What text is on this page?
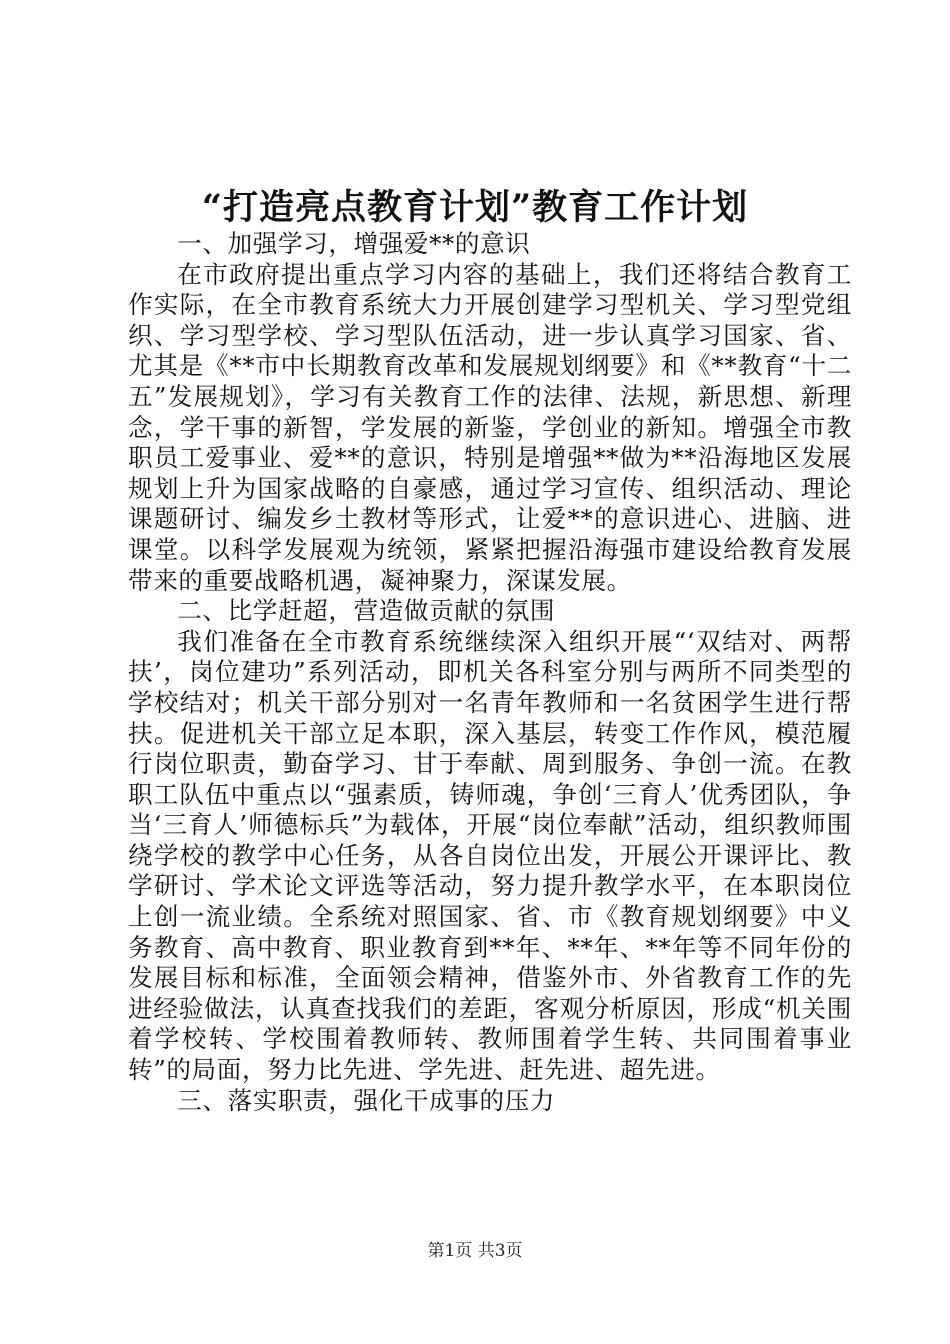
“打造亮点教育计划”教育工作计划

一、加强学习，增强爱**的意识

在市政府提出重点学习内容的基础上，我们还将结合教育工作实际，在全市教育系统大力开展创建学习型机关、学习型党组织、学习型学校、学习型队伍活动，进一步认真学习国家、省、尤其是《**市中长期教育改革和发展规划纲要》和《**教育“十二五”发展规划》，学习有关教育工作的法律、法规，新思想、新理念，学干事的新智，学发展的新鉴，学创业的新知。增强全市教职员工爱事业、爱**的意识，特别是增强**做为**沿海地区发展规划上升为国家战略的自豪感，通过学习宣传、组织活动、理论课题研讨、编发乡土教材等形式，让爱**的意识进心、进脑、进课堂。以科学发展观为统领，紧紧把握沿海强市建设给教育发展带来的重要战略机遇，凝神聚力，深谋发展。

二、比学赶超，营造做贡献的氛围

我们准备在全市教育系统继续深入组织开展“‘双结对、两帮扶’，岗位建功”系列活动，即机关各科室分别与两所不同类型的学校结对；机关干部分别对一名青年教师和一名贫困学生进行帮扶。促进机关干部立足本职，深入基层，转变工作作风，模范履行岗位职责，勤奋学习、甘于奉献、周到服务、争创一流。在教职工队伍中重点以“强素质，铸师魂，争创‘三育人’优秀团队，争当‘三育人’师德标兵”为载体，开展“岗位奉献”活动，组织教师围绕学校的教学中心任务，从各自岗位出发，开展公开课评比、教学研讨、学术论文评选等活动，努力提升教学水平，在本职岗位上创一流业绩。全系统对照国家、省、市《教育规划纲要》中义务教育、高中教育、职业教育到**年、**年、**年等不同年份的发展目标和标准，全面领会精神，借鉴外市、外省教育工作的先进经验做法，认真查找我们的差距，客观分析原因，形成“机关围着学校转、学校围着教师转、教师围着学生转、共同围着事业转”的局面，努力比先进、学先进、赶先进、超先进。

三、落实职责，强化干成事的压力

第1页 共3页
